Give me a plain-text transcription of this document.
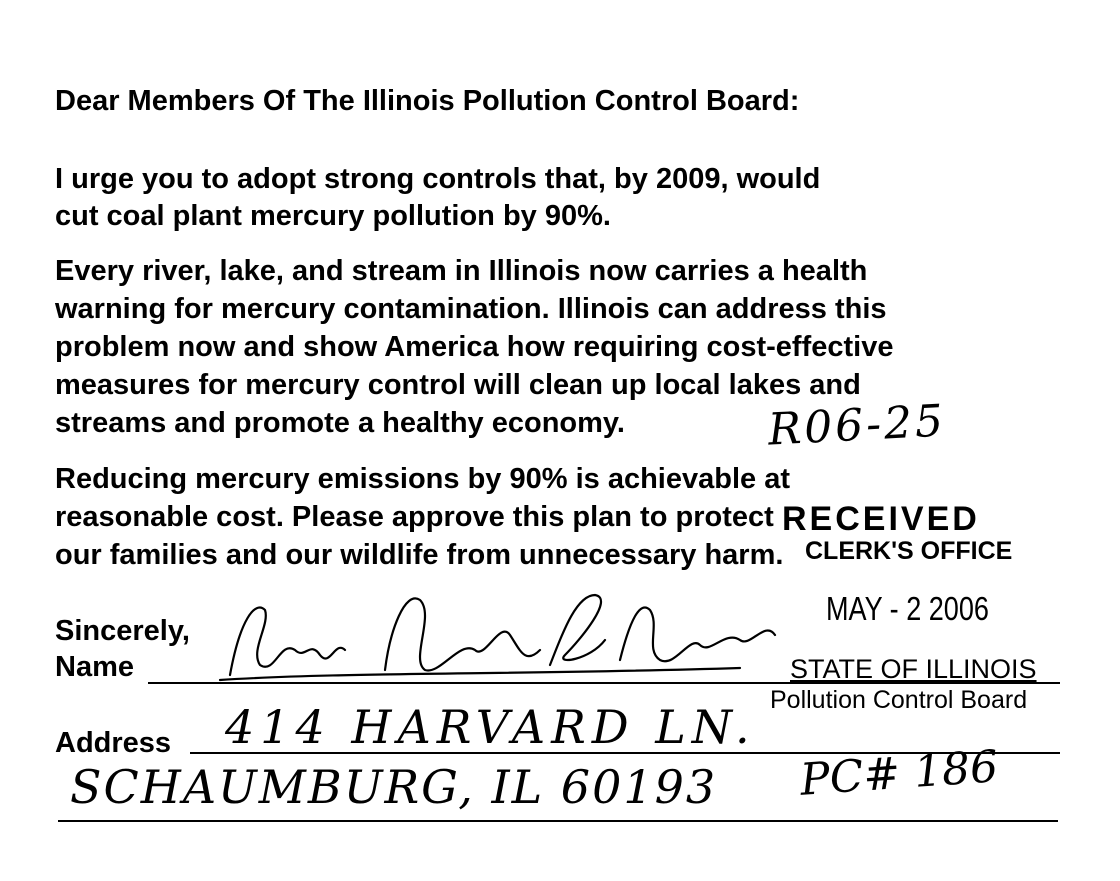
Dear Members Of The Illinois Pollution Control Board:
I urge you to adopt strong controls that, by 2009, would
cut coal plant mercury pollution by 90%.
Every river, lake, and stream in Illinois now carries a health
warning for mercury contamination. Illinois can address this
problem now and show America how requiring cost-effective
measures for mercury control will clean up local lakes and
streams and promote a healthy economy.
Reducing mercury emissions by 90% is achievable at
reasonable cost. Please approve this plan to protect
our families and our wildlife from unnecessary harm.
Sincerely,
Name
Address
R06-25
414 HARVARD LN.
SCHAUMBURG, IL 60193 PC# 186
RECEIVED
CLERK'S OFFICE
MAY - 2 2006
STATE OF ILLINOIS
Pollution Control Board
